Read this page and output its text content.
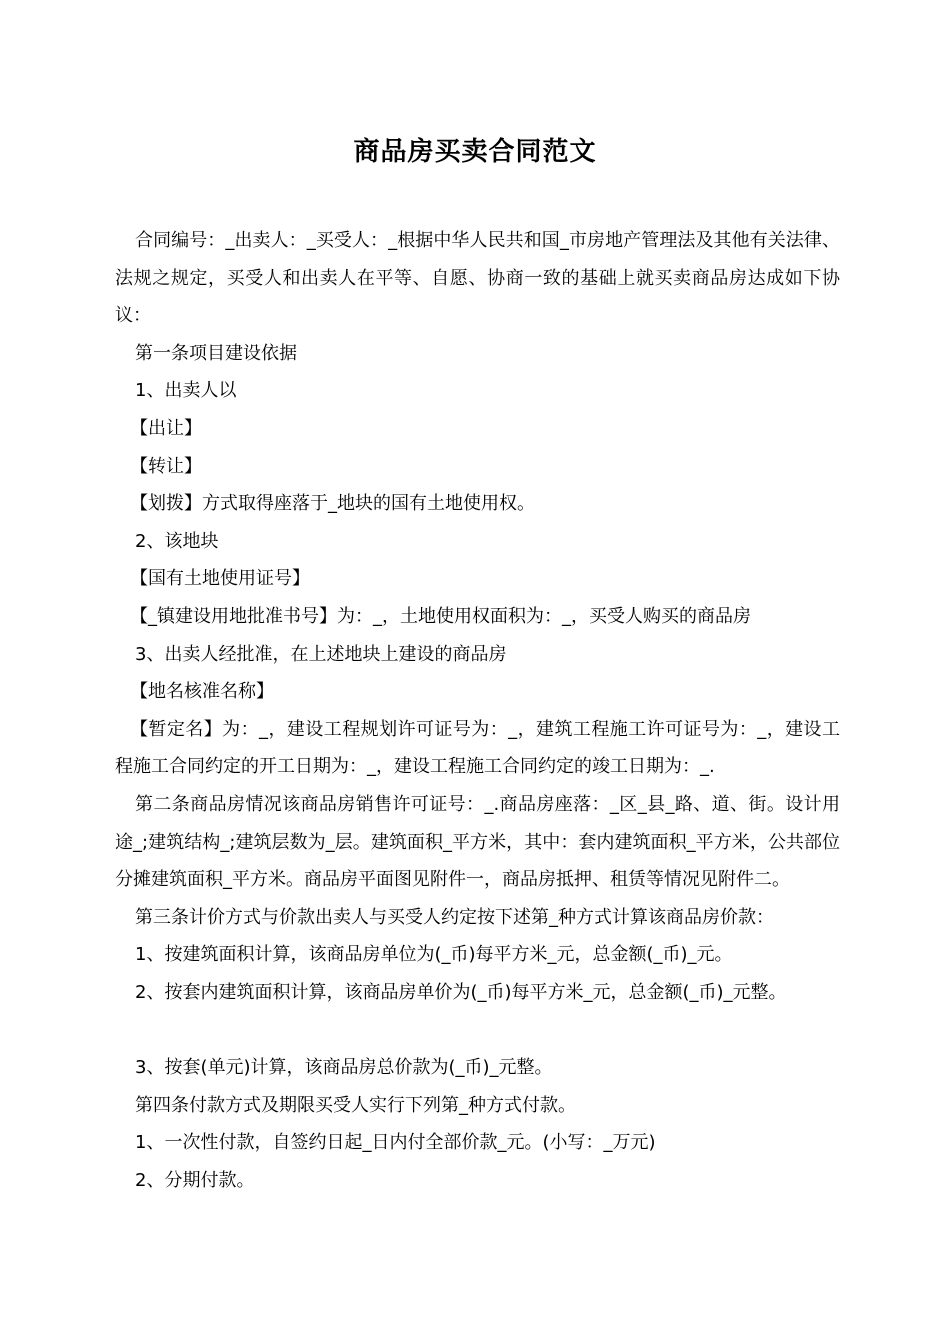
商品房买卖合同范文

合同编号：_出卖人：_买受人：_根据中华人民共和国_市房地产管理法及其他有关法律、法规之规定，买受人和出卖人在平等、自愿、协商一致的基础上就买卖商品房达成如下协议：

第一条项目建设依据

1、出卖人以

【出让】

【转让】

【划拨】方式取得座落于_地块的国有土地使用权。

2、该地块

【国有土地使用证号】

【_镇建设用地批准书号】为：_，土地使用权面积为：_，买受人购买的商品房

3、出卖人经批准，在上述地块上建设的商品房

【地名核准名称】

【暂定名】为：_，建设工程规划许可证号为：_，建筑工程施工许可证号为：_，建设工程施工合同约定的开工日期为：_，建设工程施工合同约定的竣工日期为：_.

第二条商品房情况该商品房销售许可证号：_.商品房座落：_区_县_路、道、街。设计用途_;建筑结构_;建筑层数为_层。建筑面积_平方米，其中：套内建筑面积_平方米，公共部位分摊建筑面积_平方米。商品房平面图见附件一，商品房抵押、租赁等情况见附件二。

第三条计价方式与价款出卖人与买受人约定按下述第_种方式计算该商品房价款：

1、按建筑面积计算，该商品房单位为(_币)每平方米_元，总金额(_币)_元。

2、按套内建筑面积计算，该商品房单价为(_币)每平方米_元，总金额(_币)_元整。

3、按套(单元)计算，该商品房总价款为(_币)_元整。

第四条付款方式及期限买受人实行下列第_种方式付款。

1、一次性付款，自签约日起_日内付全部价款_元。(小写：_万元)

2、分期付款。
